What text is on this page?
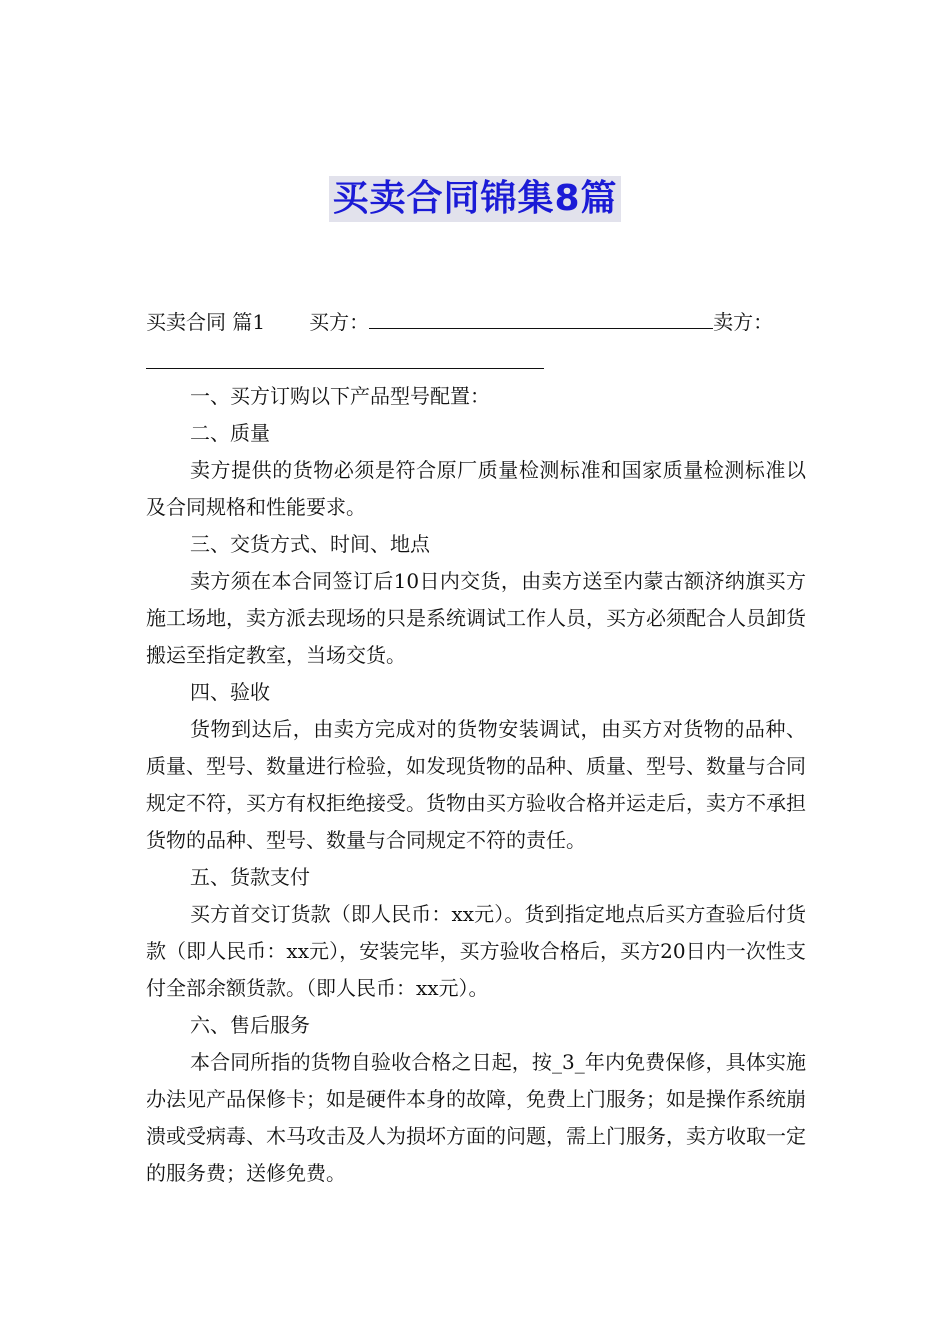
买卖合同锦集8篇
买卖合同 篇1 买方：	卖方：

一、买方订购以下产品型号配置：

二、质量

卖方提供的货物必须是符合原厂质量检测标准和国家质量检测标准以及合同规格和性能要求。

三、交货方式、时间、地点

卖方须在本合同签订后10日内交货，由卖方送至内蒙古额济纳旗买方施工场地，卖方派去现场的只是系统调试工作人员，买方必须配合人员卸货搬运至指定教室，当场交货。

四、验收

货物到达后，由卖方完成对的货物安装调试，由买方对货物的品种、质量、型号、数量进行检验，如发现货物的品种、质量、型号、数量与合同规定不符，买方有权拒绝接受。货物由买方验收合格并运走后，卖方不承担货物的品种、型号、数量与合同规定不符的责任。

五、货款支付

买方首交订货款（即人民币：xx元）。货到指定地点后买方查验后付货款（即人民币：xx元），安装完毕，买方验收合格后，买方20日内一次性支付全部余额货款。（即人民币：xx元）。

六、售后服务

本合同所指的货物自验收合格之日起，按_3_年内免费保修，具体实施办法见产品保修卡；如是硬件本身的故障，免费上门服务；如是操作系统崩溃或受病毒、木马攻击及人为损坏方面的问题，需上门服务，卖方收取一定的服务费；送修免费。
